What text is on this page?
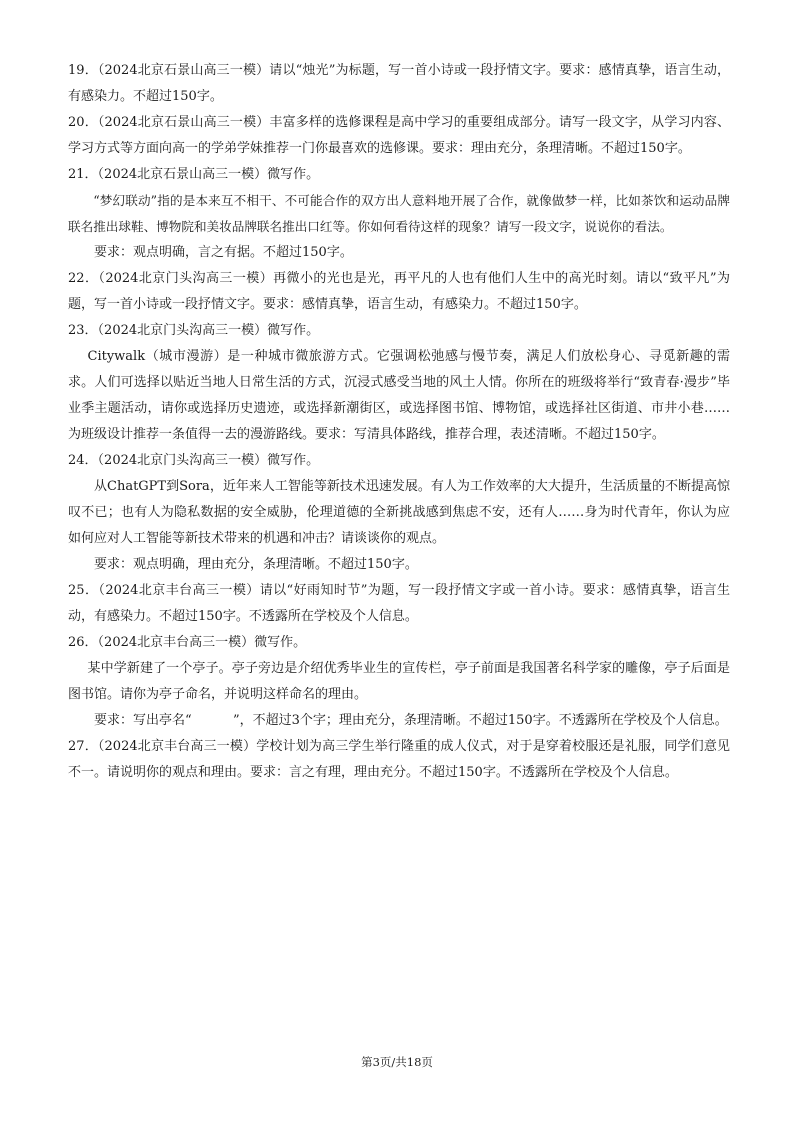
19．（2024北京石景山高三一模）请以“烛光”为标题，写一首小诗或一段抒情文字。要求：感情真挚，语言生动，有感染力。不超过150字。

20．（2024北京石景山高三一模）丰富多样的选修课程是高中学习的重要组成部分。请写一段文字，从学习内容、学习方式等方面向高一的学弟学妹推荐一门你最喜欢的选修课。要求：理由充分，条理清晰。不超过150字。

21．（2024北京石景山高三一模）微写作。

“梦幻联动”指的是本来互不相干、不可能合作的双方出人意料地开展了合作，就像做梦一样，比如茶饮和运动品牌联名推出球鞋、博物院和美妆品牌联名推出口红等。你如何看待这样的现象？请写一段文字，说说你的看法。

要求：观点明确，言之有据。不超过150字。

22．（2024北京门头沟高三一模）再微小的光也是光，再平凡的人也有他们人生中的高光时刻。请以“致平凡”为题，写一首小诗或一段抒情文字。要求：感情真挚，语言生动，有感染力。不超过150字。

23．（2024北京门头沟高三一模）微写作。

Citywalk（城市漫游）是一种城市微旅游方式。它强调松弛感与慢节奏，满足人们放松身心、寻觅新趣的需求。人们可选择以贴近当地人日常生活的方式，沉浸式感受当地的风土人情。你所在的班级将举行“致青春·漫步”毕业季主题活动，请你或选择历史遗迹，或选择新潮街区，或选择图书馆、博物馆，或选择社区街道、市井小巷……为班级设计推荐一条值得一去的漫游路线。要求：写清具体路线，推荐合理，表述清晰。不超过150字。

24．（2024北京门头沟高三一模）微写作。

从ChatGPT到Sora，近年来人工智能等新技术迅速发展。有人为工作效率的大大提升，生活质量的不断提高惊叹不已；也有人为隐私数据的安全威胁，伦理道德的全新挑战感到焦虑不安，还有人……身为时代青年，你认为应如何应对人工智能等新技术带来的机遇和冲击？请谈谈你的观点。

要求：观点明确，理由充分，条理清晰。不超过150字。

25．（2024北京丰台高三一模）请以“好雨知时节”为题，写一段抒情文字或一首小诗。要求：感情真挚，语言生动，有感染力。不超过150字。不透露所在学校及个人信息。

26．（2024北京丰台高三一模）微写作。

某中学新建了一个亭子。亭子旁边是介绍优秀毕业生的宣传栏，亭子前面是我国著名科学家的雕像，亭子后面是图书馆。请你为亭子命名，并说明这样命名的理由。

要求：写出亭名“          ”，不超过3个字；理由充分，条理清晰。不超过150字。不透露所在学校及个人信息。

27．（2024北京丰台高三一模）学校计划为高三学生举行隆重的成人仪式，对于是穿着校服还是礼服，同学们意见不一。请说明你的观点和理由。要求：言之有理，理由充分。不超过150字。不透露所在学校及个人信息。

第3页/共18页
